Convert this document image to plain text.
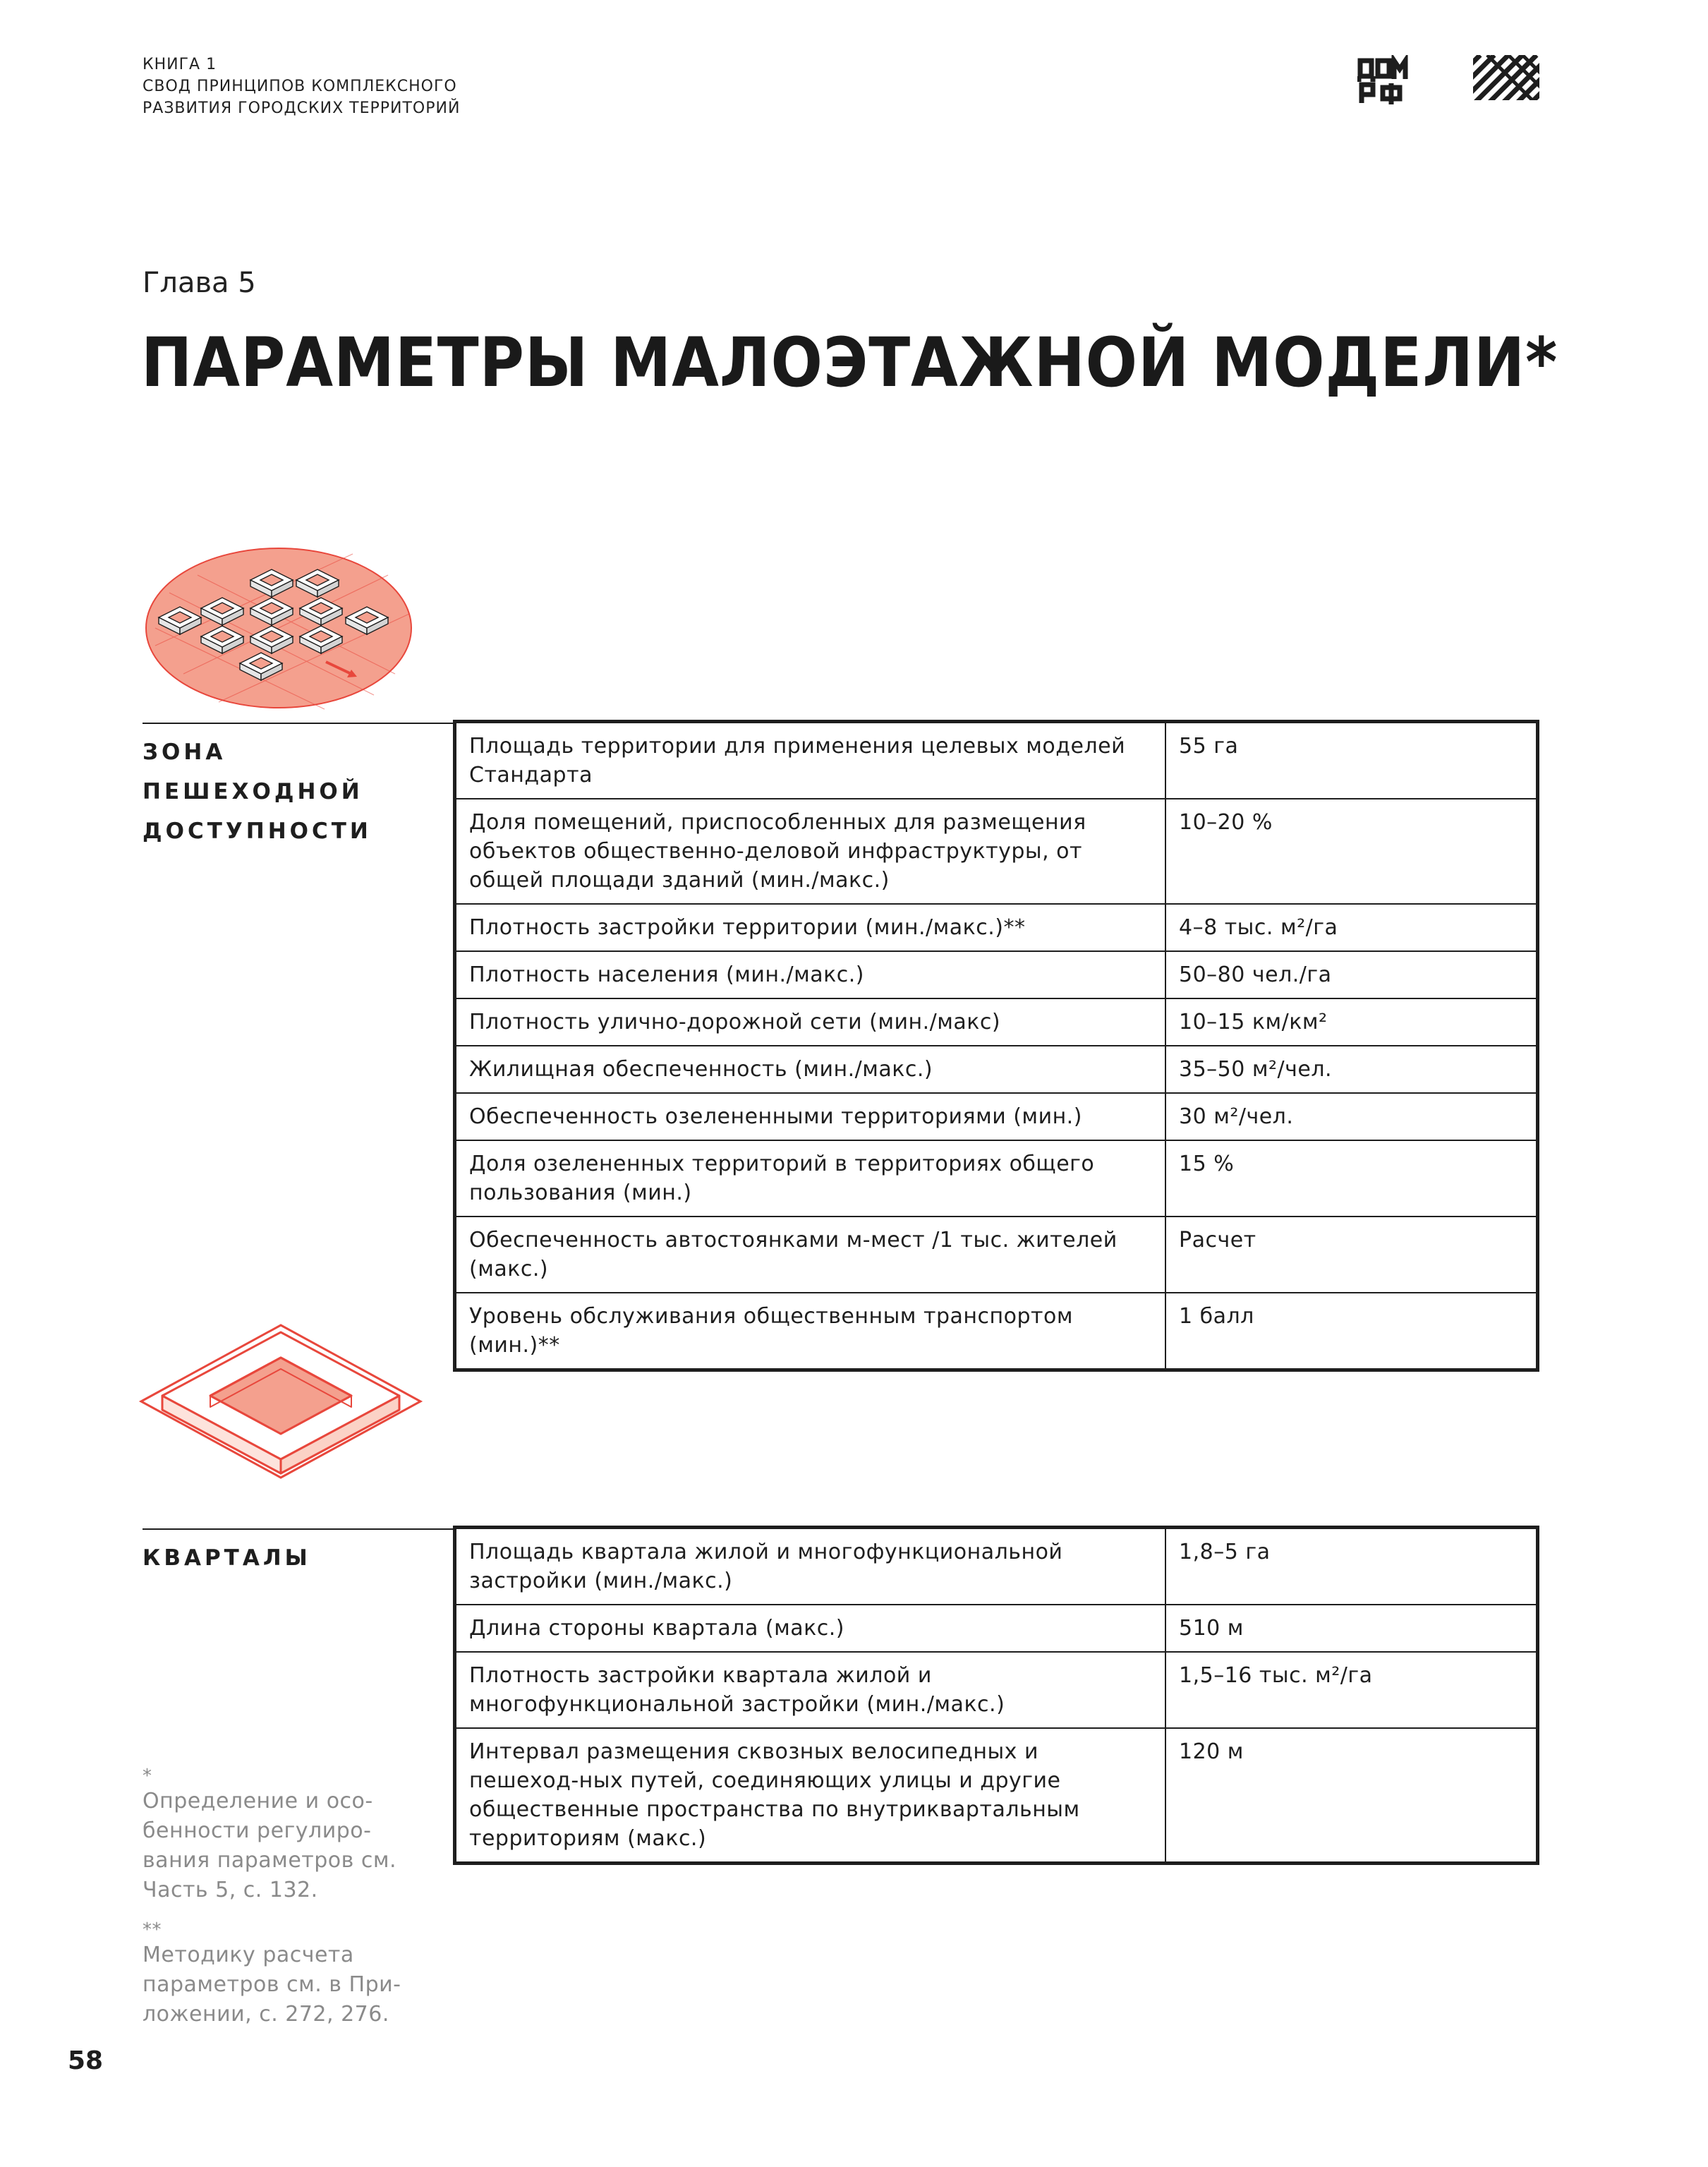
КНИГА 1
СВОД ПРИНЦИПОВ КОМПЛЕКСНОГО
РАЗВИТИЯ ГОРОДСКИХ ТЕРРИТОРИЙ
Глава 5
ПАРАМЕТРЫ МАЛОЭТАЖНОЙ МОДЕЛИ*
ЗОНА ПЕШЕХОДНОЙ
ДОСТУПНОСТИ
Площадь территории для применения целевых моделей Стандарта	55 га
Доля помещений, приспособленных для размещения объектов общественно-деловой инфраструктуры, от общей площади зданий (мин./макс.)	10–20 %
Плотность застройки территории (мин./макс.)**	4–8 тыс. м²/га
Плотность населения (мин./макс.)	50–80 чел./га
Плотность улично-дорожной сети (мин./макс)	10–15 км/км²
Жилищная обеспеченность (мин./макс.)	35–50 м²/чел.
Обеспеченность озелененными территориями (мин.)	30 м²/чел.
Доля озелененных территорий в территориях общего пользования (мин.)	15 %
Обеспеченность автостоянками м-мест /1 тыс. жителей (макс.)	Расчет
Уровень обслуживания общественным транспортом (мин.)**	1 балл
КВАРТАЛЫ	Площадь квартала жилой и многофункциональной застройки (мин./макс.)	1,8–5 га
Длина стороны квартала (макс.)	510 м
Плотность застройки квартала жилой и многофункциональной застройки (мин./макс.)	1,5–16 тыс. м²/га
Интервал размещения сквозных велосипедных и пешеход-ных путей, соединяющих улицы и другие общественные пространства по внутриквартальным территориям (макс.)	120 м
*
Определение и осо-бенности регулиро-вания параметров см. Часть 5, с. 132.
**
Методику расчета параметров см. в При-ложении, с. 272, 276.
58
